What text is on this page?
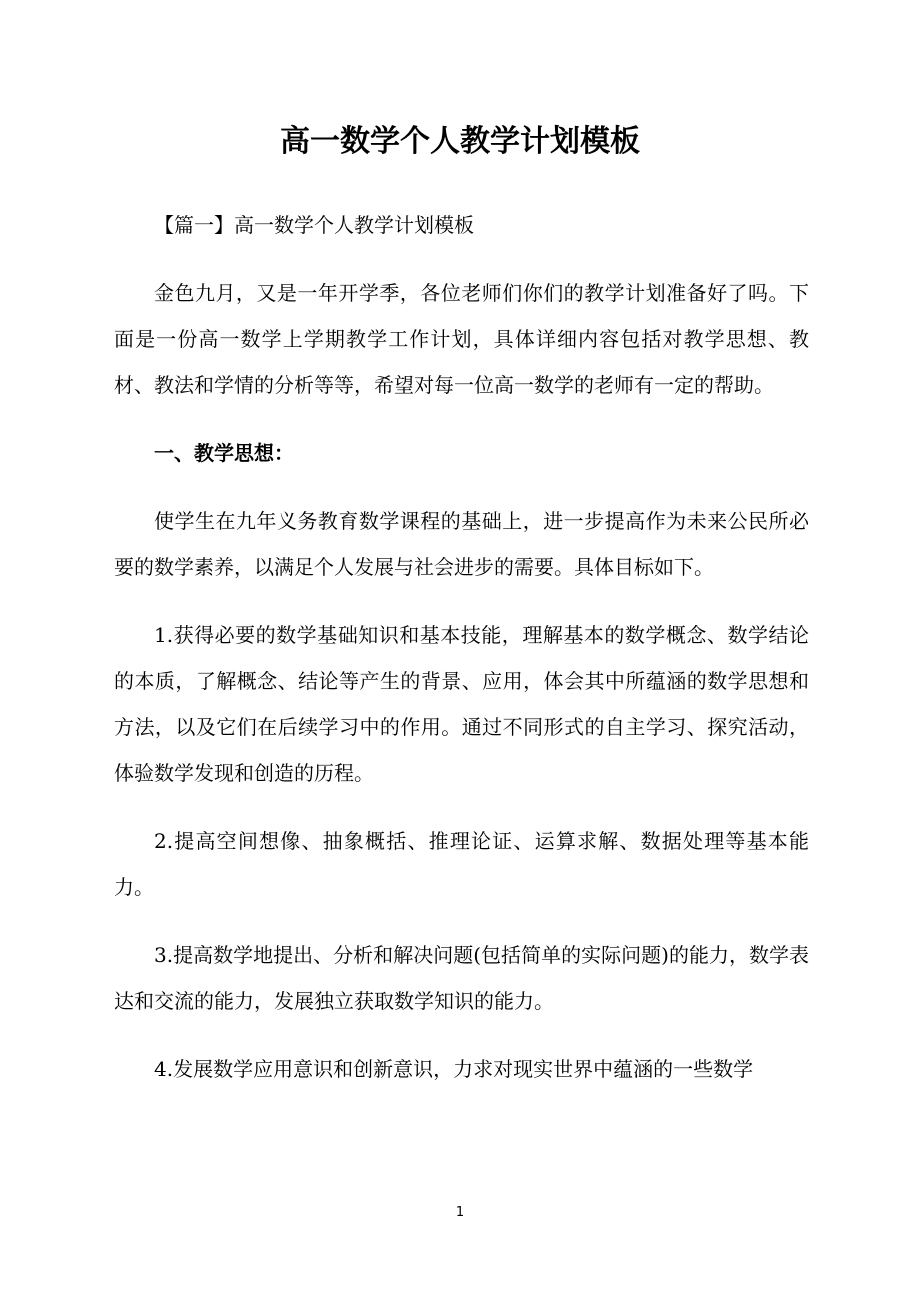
高一数学个人教学计划模板

【篇一】高一数学个人教学计划模板

金色九月，又是一年开学季，各位老师们你们的教学计划准备好了吗。下面是一份高一数学上学期教学工作计划，具体详细内容包括对教学思想、教材、教法和学情的分析等等，希望对每一位高一数学的老师有一定的帮助。

一、教学思想：

使学生在九年义务教育数学课程的基础上，进一步提高作为未来公民所必要的数学素养，以满足个人发展与社会进步的需要。具体目标如下。

1.获得必要的数学基础知识和基本技能，理解基本的数学概念、数学结论的本质，了解概念、结论等产生的背景、应用，体会其中所蕴涵的数学思想和方法，以及它们在后续学习中的作用。通过不同形式的自主学习、探究活动，体验数学发现和创造的历程。

2.提高空间想像、抽象概括、推理论证、运算求解、数据处理等基本能力。

3.提高数学地提出、分析和解决问题(包括简单的实际问题)的能力，数学表达和交流的能力，发展独立获取数学知识的能力。

4.发展数学应用意识和创新意识，力求对现实世界中蕴涵的一些数学

1
